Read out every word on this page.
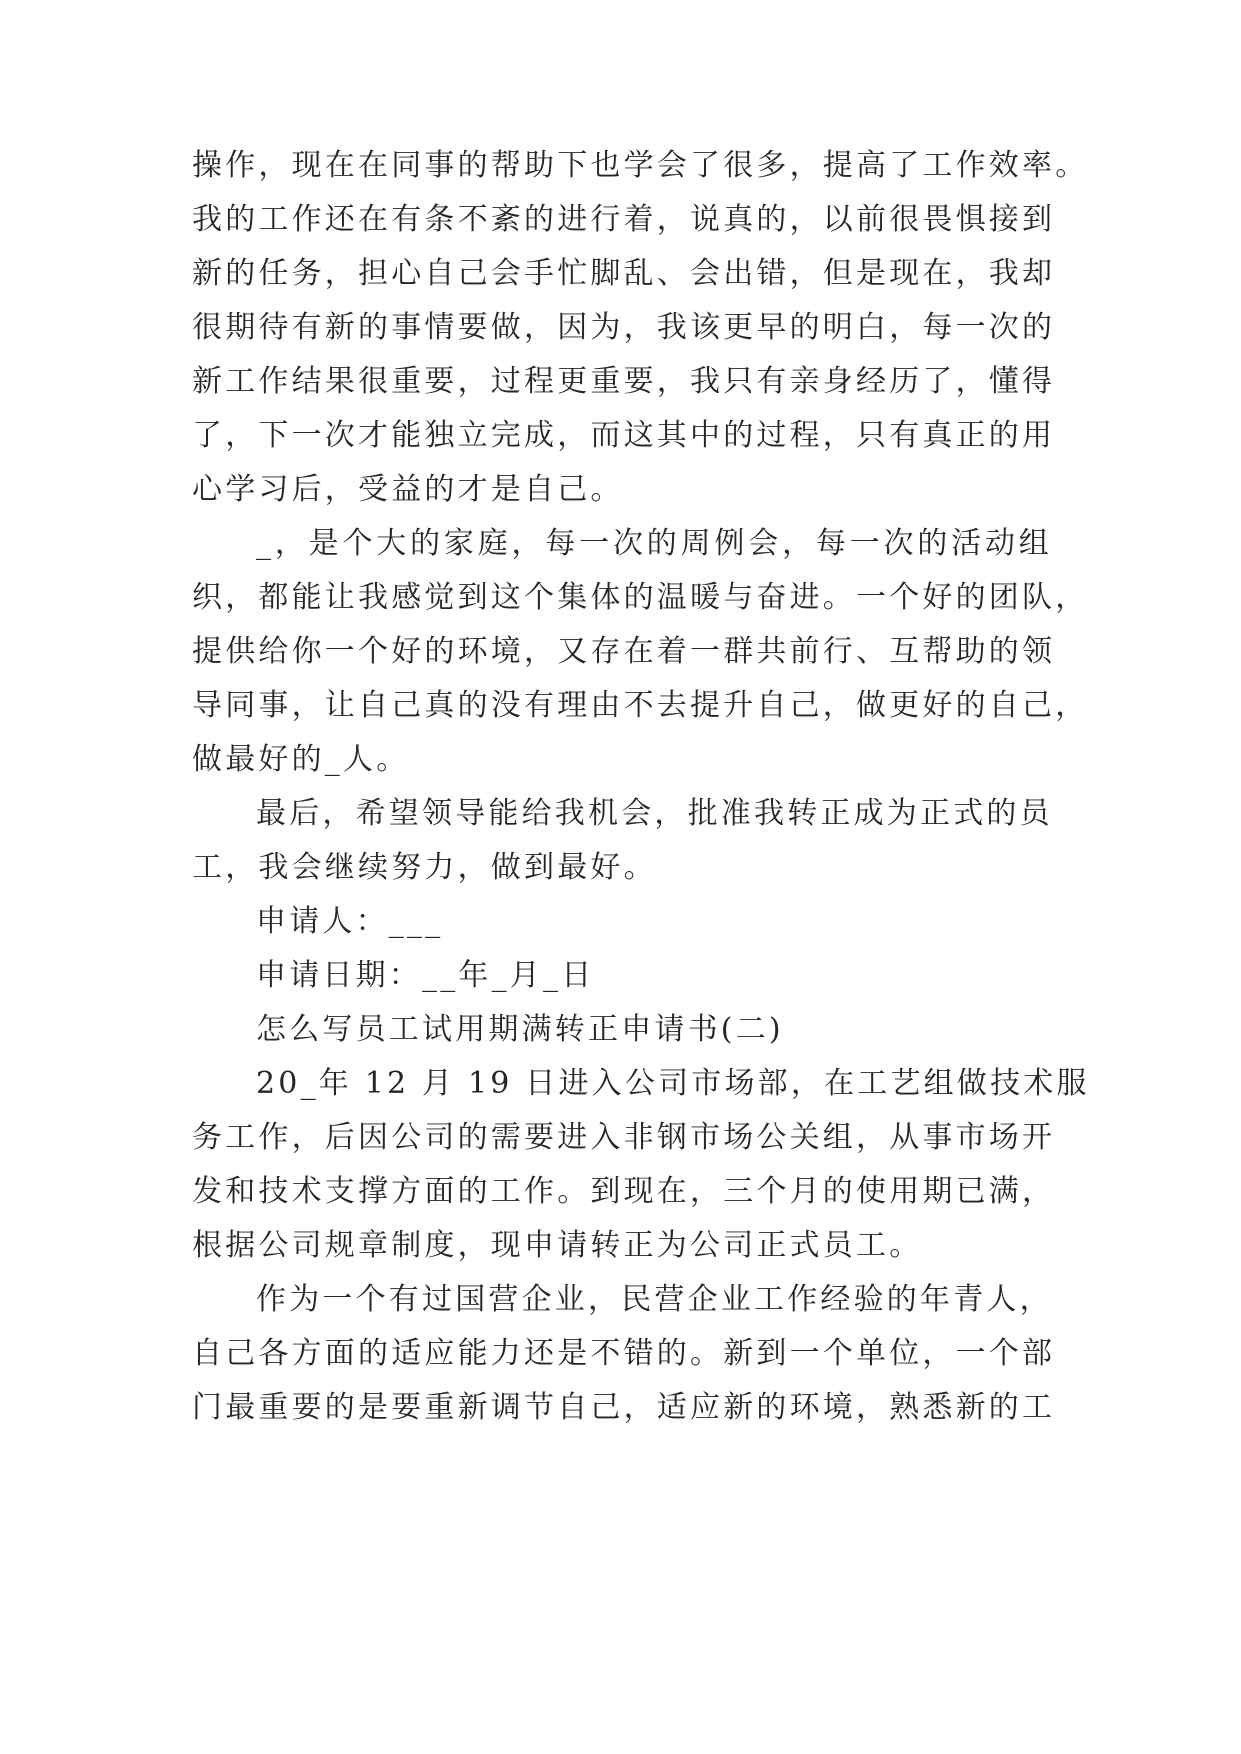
操作，现在在同事的帮助下也学会了很多，提高了工作效率。
我的工作还在有条不紊的进行着，说真的，以前很畏惧接到
新的任务，担心自己会手忙脚乱、会出错，但是现在，我却
很期待有新的事情要做，因为，我该更早的明白，每一次的
新工作结果很重要，过程更重要，我只有亲身经历了，懂得
了，下一次才能独立完成，而这其中的过程，只有真正的用
心学习后，受益的才是自己。
_，是个大的家庭，每一次的周例会，每一次的活动组
织，都能让我感觉到这个集体的温暖与奋进。一个好的团队，
提供给你一个好的环境，又存在着一群共前行、互帮助的领
导同事，让自己真的没有理由不去提升自己，做更好的自己，
做最好的_人。
最后，希望领导能给我机会，批准我转正成为正式的员
工，我会继续努力，做到最好。
申请人：___
申请日期：__年_月_日
怎么写员工试用期满转正申请书(二)
20_年 12 月 19 日进入公司市场部，在工艺组做技术服
务工作，后因公司的需要进入非钢市场公关组，从事市场开
发和技术支撑方面的工作。到现在，三个月的使用期已满，
根据公司规章制度，现申请转正为公司正式员工。
作为一个有过国营企业，民营企业工作经验的年青人，
自己各方面的适应能力还是不错的。新到一个单位，一个部
门最重要的是要重新调节自己，适应新的环境，熟悉新的工
